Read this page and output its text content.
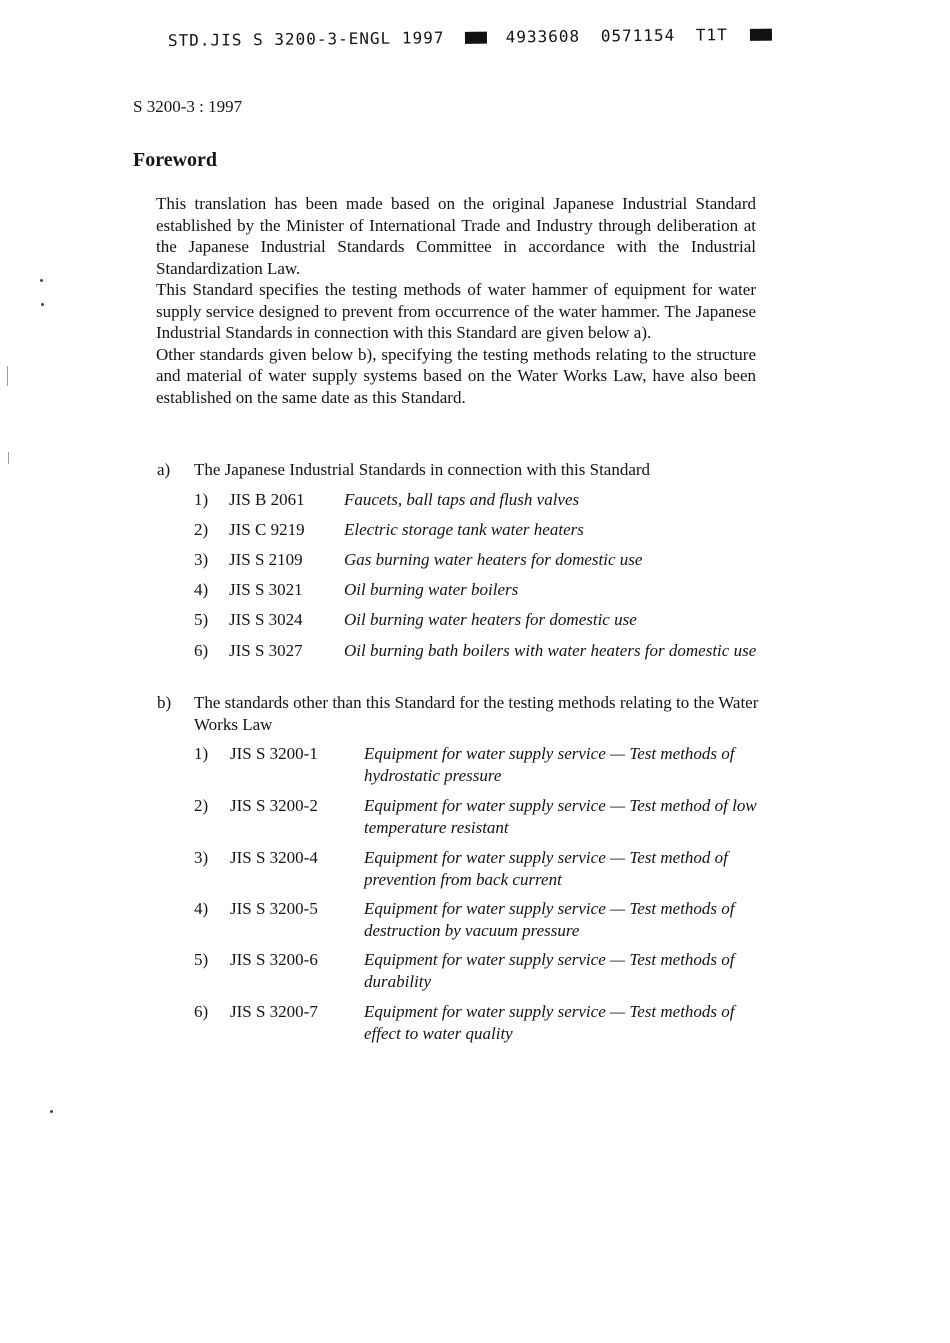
STD.JIS S 3200-3-ENGL 1997	4933608 0571154 T1T
S 3200-3 : 1997
Foreword

This translation has been made based on the original Japanese Industrial Standard established by the Minister of International Trade and Industry through deliberation at the Japanese Industrial Standards Committee in accordance with the Industrial Standardization Law.

This Standard specifies the testing methods of water hammer of equipment for water supply service designed to prevent from occurrence of the water hammer. The Japanese Industrial Standards in connection with this Standard are given below a).

Other standards given below b), specifying the testing methods relating to the structure and material of water supply systems based on the Water Works Law, have also been established on the same date as this Standard.

a)	The Japanese Industrial Standards in connection with this Standard
1) JIS B 2061 Faucets, ball taps and flush valves
2) JIS C 9219 Electric storage tank water heaters
3) JIS S 2109 Gas burning water heaters for domestic use
4) JIS S 3021 Oil burning water boilers
5) JIS S 3024 Oil burning water heaters for domestic use
6) JIS S 3027 Oil burning bath boilers with water heaters for domestic use
b)	The standards other than this Standard for the testing methods relating to the Water Works Law
1) JIS S 3200-1	Equipment for water supply service — Test methods of hydrostatic pressure
2) JIS S 3200-2	Equipment for water supply service — Test method of low temperature resistant
3) JIS S 3200-4	Equipment for water supply service — Test method of prevention from back current
4) JIS S 3200-5	Equipment for water supply service — Test methods of destruction by vacuum pressure
5) JIS S 3200-6	Equipment for water supply service — Test methods of durability
6) JIS S 3200-7	Equipment for water supply service — Test methods of effect to water quality
